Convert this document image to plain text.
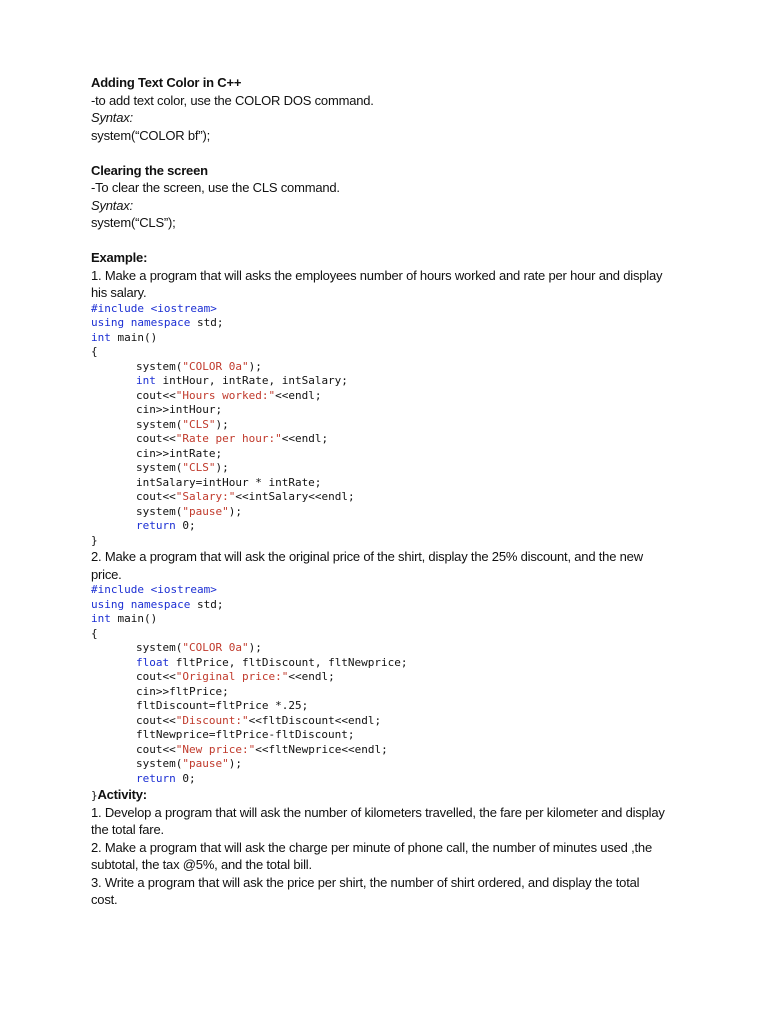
Adding Text Color in C++
-to add text color, use the COLOR DOS command.
Syntax:
system(“COLOR bf”);
Clearing the screen
-To clear the screen, use the CLS command.
Syntax:
system(“CLS”);
Example:
1. Make a program that will asks the employees number of hours worked and rate per hour and display
his salary.
#include <iostream>
using namespace std;
int main()
{
system("COLOR 0a");
int intHour, intRate, intSalary;
cout<<"Hours worked:"<<endl;
cin>>intHour;
system("CLS");
cout<<"Rate per hour:"<<endl;
cin>>intRate;
system("CLS");
intSalary=intHour * intRate;
cout<<"Salary:"<<intSalary<<endl;
system("pause");
return 0;
}
2. Make a program that will ask the original price of the shirt, display the 25% discount, and the new
price.
#include <iostream>
using namespace std;
int main()
{
system("COLOR 0a");
float fltPrice, fltDiscount, fltNewprice;
cout<<"Original price:"<<endl;
cin>>fltPrice;
fltDiscount=fltPrice *.25;
cout<<"Discount:"<<fltDiscount<<endl;
fltNewprice=fltPrice-fltDiscount;
cout<<"New price:"<<fltNewprice<<endl;
system("pause");
return 0;
}Activity:
1. Develop a program that will ask the number of kilometers travelled, the fare per kilometer and display
the total fare.
2. Make a program that will ask the charge per minute of phone call, the number of minutes used ,the
subtotal, the tax @5%, and the total bill.
3. Write a program that will ask the price per shirt, the number of shirt ordered, and display the total
cost.
